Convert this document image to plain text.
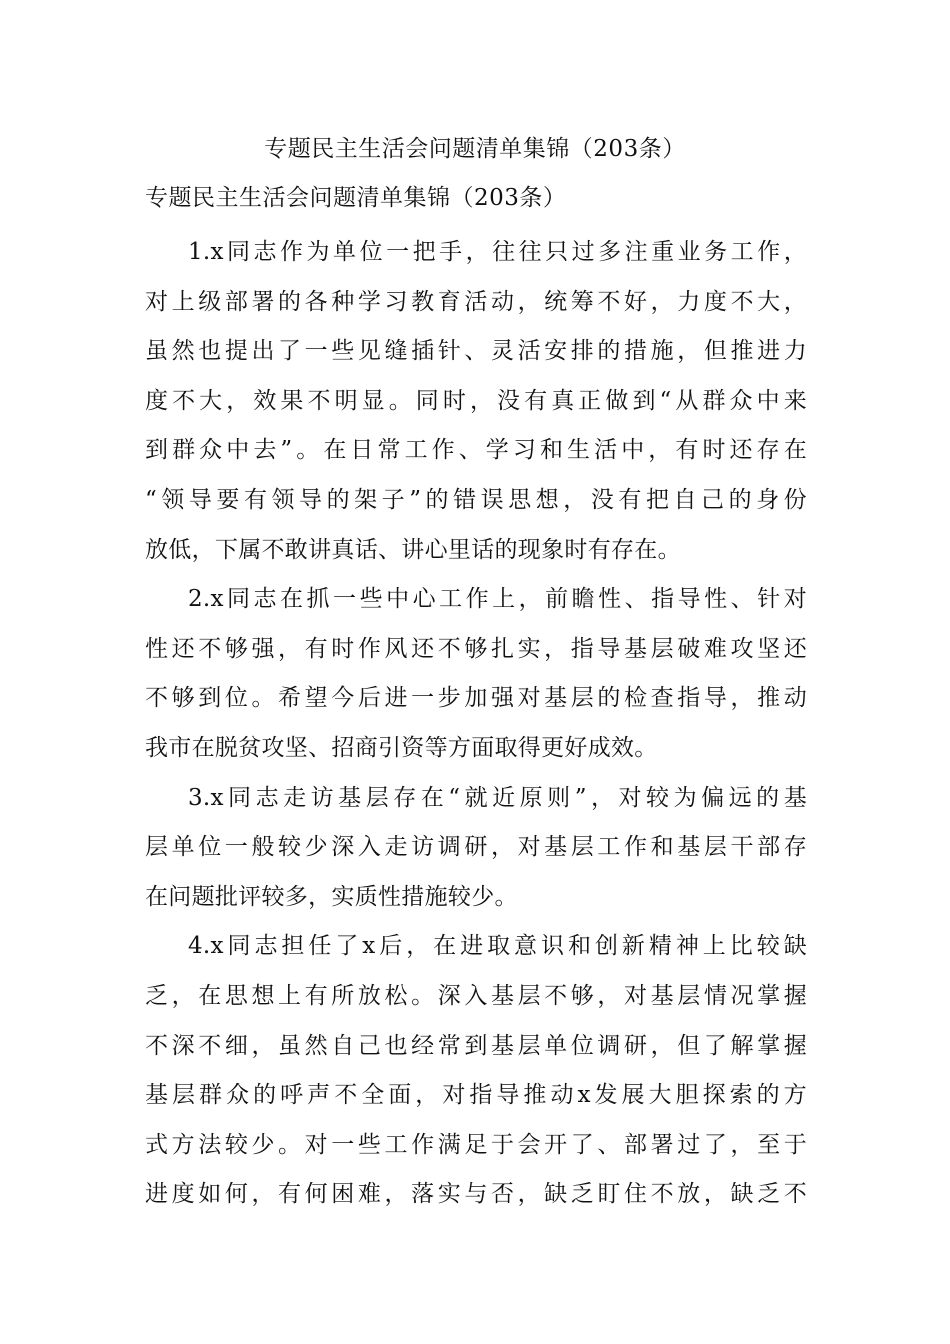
专题民主生活会问题清单集锦（203条）
专题民主生活会问题清单集锦（203条）

1.x同志作为单位一把手，往往只过多注重业务工作，
对上级部署的各种学习教育活动，统筹不好，力度不大，
虽然也提出了一些见缝插针、灵活安排的措施，但推进力
度不大，效果不明显。同时，没有真正做到“从群众中来
到群众中去”。在日常工作、学习和生活中，有时还存在
“领导要有领导的架子”的错误思想，没有把自己的身份
放低，下属不敢讲真话、讲心里话的现象时有存在。

2.x同志在抓一些中心工作上，前瞻性、指导性、针对
性还不够强，有时作风还不够扎实，指导基层破难攻坚还
不够到位。希望今后进一步加强对基层的检查指导，推动
我市在脱贫攻坚、招商引资等方面取得更好成效。

3.x同志走访基层存在“就近原则”，对较为偏远的基
层单位一般较少深入走访调研，对基层工作和基层干部存
在问题批评较多，实质性措施较少。

4.x同志担任了x后，在进取意识和创新精神上比较缺
乏，在思想上有所放松。深入基层不够，对基层情况掌握
不深不细，虽然自己也经常到基层单位调研，但了解掌握
基层群众的呼声不全面，对指导推动x发展大胆探索的方
式方法较少。对一些工作满足于会开了、部署过了，至于
进度如何，有何困难，落实与否，缺乏盯住不放，缺乏不
